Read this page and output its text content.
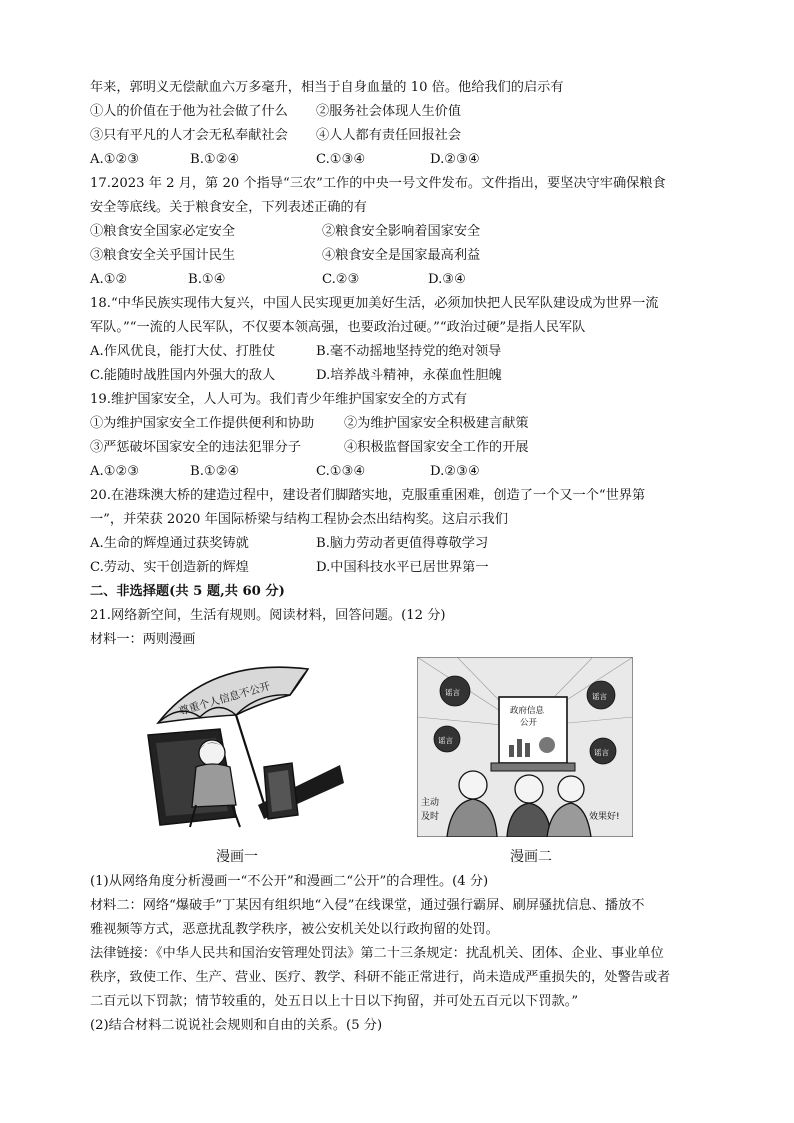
年来，郭明义无偿献血六万多毫升，相当于自身血量的 10 倍。他给我们的启示有
①人的价值在于他为社会做了什么 ②服务社会体现人生价值
③只有平凡的人才会无私奉献社会 ④人人都有责任回报社会
A.①②③	B.①②④	C.①③④	D.②③④
17.2023 年 2 月，第 20 个指导“三农”工作的中央一号文件发布。文件指出，要坚决守牢确保粮食
安全等底线。关于粮食安全，下列表述正确的有
①粮食安全国家必定安全	②粮食安全影响着国家安全
③粮食安全关乎国计民生	④粮食安全是国家最高利益
A.①②	B.①④	C.②③	D.③④
18.“中华民族实现伟大复兴，中国人民实现更加美好生活，必须加快把人民军队建设成为世界一流
军队。”“一流的人民军队，不仅要本领高强，也要政治过硬。”“政治过硬”是指人民军队
A.作风优良，能打大仗、打胜仗	B.毫不动摇地坚持党的绝对领导
C.能随时战胜国内外强大的敌人	D.培养战斗精神，永葆血性胆魄
19.维护国家安全，人人可为。我们青少年维护国家安全的方式有
①为维护国家安全工作提供便利和协助 ②为维护国家安全积极建言献策
③严惩破坏国家安全的违法犯罪分子	④积极监督国家安全工作的开展
A.①②③	B.①②④	C.①③④	D.②③④
20.在港珠澳大桥的建造过程中，建设者们脚踏实地，克服重重困难，创造了一个又一个“世界第
一”，并荣获 2020 年国际桥梁与结构工程协会杰出结构奖。这启示我们
A.生命的辉煌通过获奖铸就	B.脑力劳动者更值得尊敬学习
C.劳动、实干创造新的辉煌	D.中国科技水平已居世界第一
二、非选择题(共 5 题,共 60 分)
21.网络新空间，生活有规则。阅读材料，回答问题。(12 分)
材料一：两则漫画
尊重个人信息不公开
漫画一
政府信息
公开
谣言	谣言
谣言
谣言
主动
及时	效果好!
漫画二
(1)从网络角度分析漫画一“不公开”和漫画二“公开”的合理性。(4 分)
材料二：网络“爆破手”丁某因有组织地“入侵”在线课堂，通过强行霸屏、刷屏骚扰信息、播放不
雅视频等方式，恶意扰乱教学秩序，被公安机关处以行政拘留的处罚。
法律链接：《中华人民共和国治安管理处罚法》第二十三条规定：扰乱机关、团体、企业、事业单位
秩序，致使工作、生产、营业、医疗、教学、科研不能正常进行，尚未造成严重损失的，处警告或者
二百元以下罚款；情节较重的，处五日以上十日以下拘留，并可处五百元以下罚款。”
(2)结合材料二说说社会规则和自由的关系。(5 分)
